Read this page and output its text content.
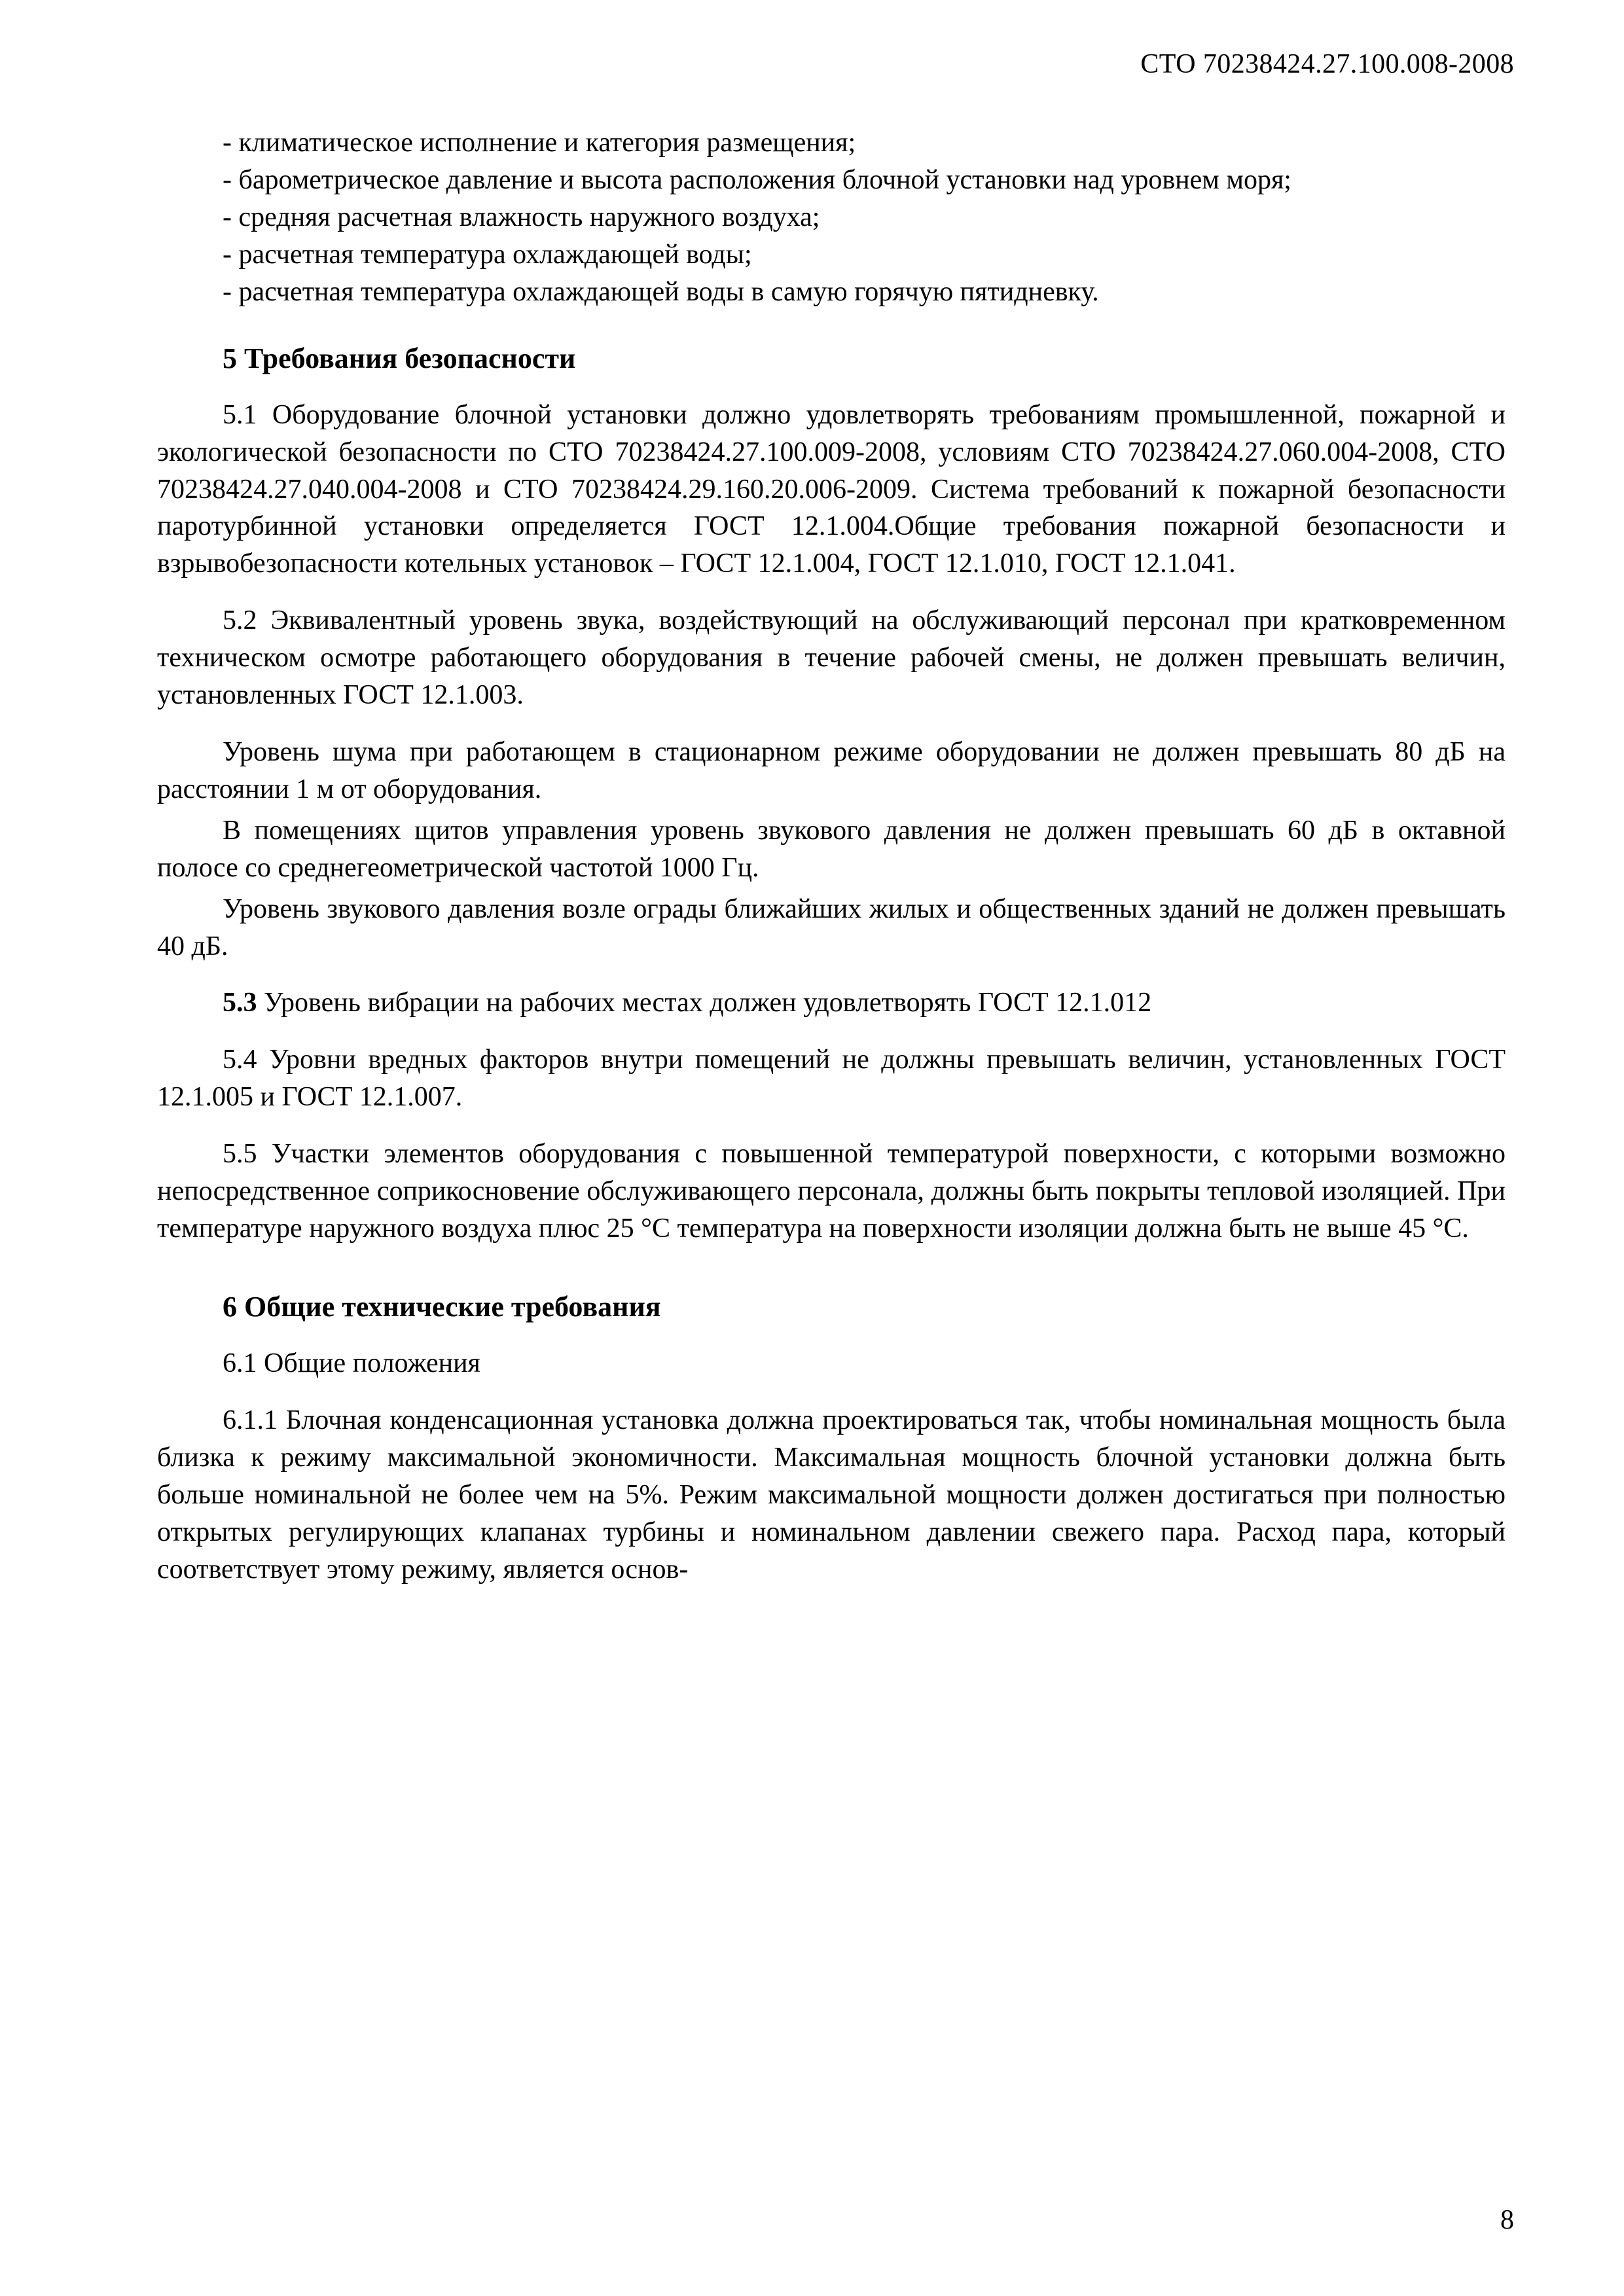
СТО 70238424.27.100.008-2008

- климатическое исполнение и категория размещения;

- барометрическое давление и высота расположения блочной установки над уровнем моря;

- средняя расчетная влажность наружного воздуха;

- расчетная температура охлаждающей воды;

- расчетная температура охлаждающей воды в самую горячую пятидневку.

5 Требования безопасности

5.1 Оборудование блочной установки должно удовлетворять требованиям промышленной, пожарной и экологической безопасности по СТО 70238424.27.100.009-2008, условиям СТО 70238424.27.060.004-2008, СТО 70238424.27.040.004-2008 и СТО 70238424.29.160.20.006-2009. Система требований к пожарной безопасности паротурбинной установки определяется ГОСТ 12.1.004.Общие требования пожарной безопасности и взрывобезопасности котельных установок – ГОСТ 12.1.004, ГОСТ 12.1.010, ГОСТ 12.1.041.

5.2 Эквивалентный уровень звука, воздействующий на обслуживающий персонал при кратковременном техническом осмотре работающего оборудования в течение рабочей смены, не должен превышать величин, установленных ГОСТ 12.1.003.

Уровень шума при работающем в стационарном режиме оборудовании не должен превышать 80 дБ на расстоянии 1 м от оборудования.

В помещениях щитов управления уровень звукового давления не должен превышать 60 дБ в октавной полосе со среднегеометрической частотой 1000 Гц.

Уровень звукового давления возле ограды ближайших жилых и общественных зданий не должен превышать 40 дБ.

5.3 Уровень вибрации на рабочих местах должен удовлетворять ГОСТ 12.1.012

5.4 Уровни вредных факторов внутри помещений не должны превышать величин, установленных ГОСТ 12.1.005 и ГОСТ 12.1.007.

5.5 Участки элементов оборудования с повышенной температурой поверхности, с которыми возможно непосредственное соприкосновение обслуживающего персонала, должны быть покрыты тепловой изоляцией. При температуре наружного воздуха плюс 25 °С температура на поверхности изоляции должна быть не выше 45 °С.

6 Общие технические требования

6.1 Общие положения

6.1.1 Блочная конденсационная установка должна проектироваться так, чтобы номинальная мощность была близка к режиму максимальной экономичности. Максимальная мощность блочной установки должна быть больше номинальной не более чем на 5%. Режим максимальной мощности должен достигаться при полностью открытых регулирующих клапанах турбины и номинальном давлении свежего пара. Расход пара, который соответствует этому режиму, является основ-

8
